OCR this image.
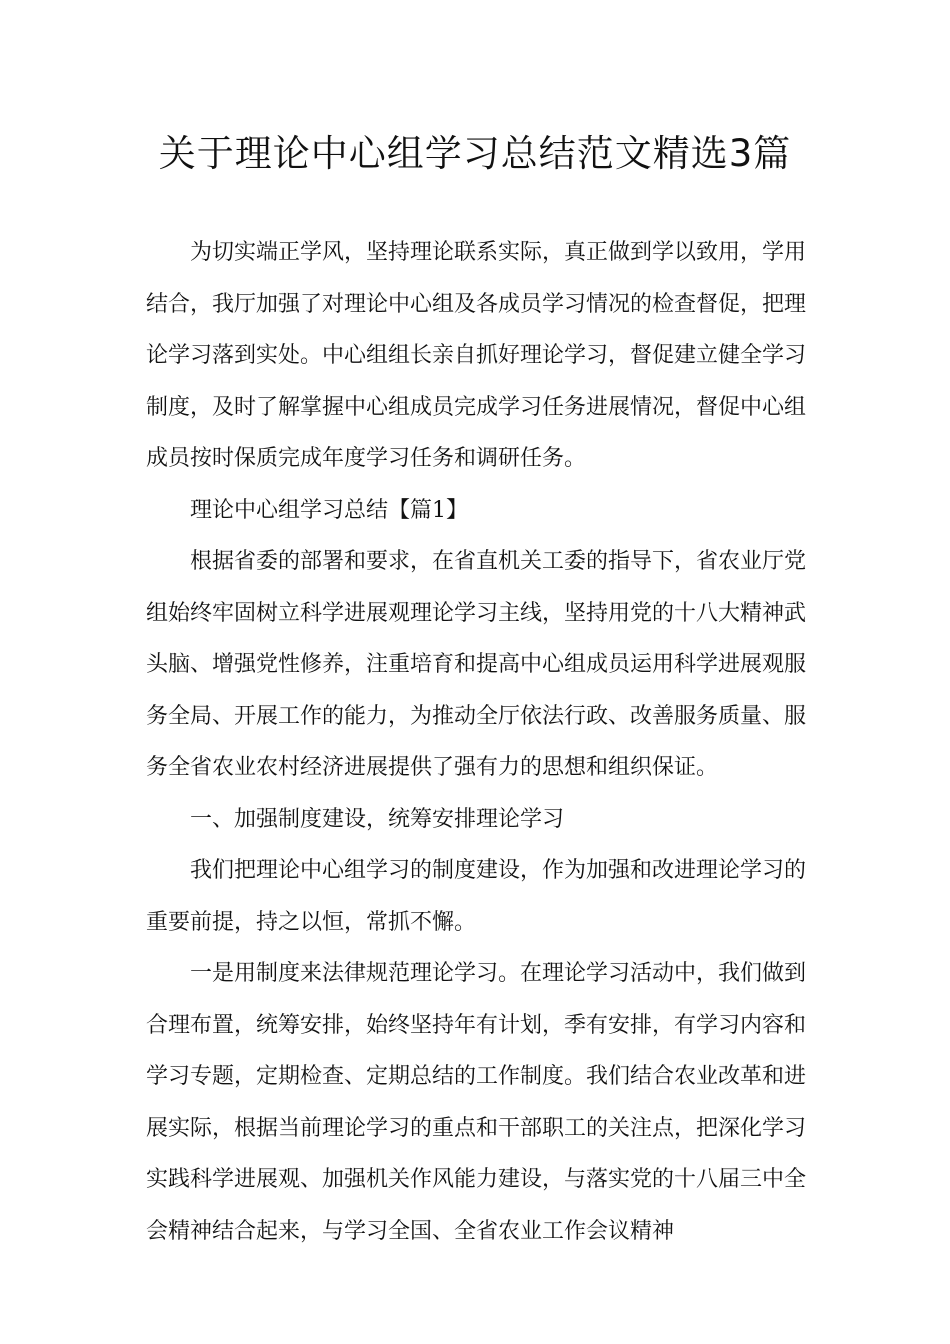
关于理论中心组学习总结范文精选3篇

为切实端正学风，坚持理论联系实际，真正做到学以致用，学用结合，我厅加强了对理论中心组及各成员学习情况的检查督促，把理论学习落到实处。中心组组长亲自抓好理论学习，督促建立健全学习制度，及时了解掌握中心组成员完成学习任务进展情况，督促中心组成员按时保质完成年度学习任务和调研任务。

理论中心组学习总结【篇1】

根据省委的部署和要求，在省直机关工委的指导下，省农业厅党组始终牢固树立科学进展观理论学习主线，坚持用党的十八大精神武头脑、增强党性修养，注重培育和提高中心组成员运用科学进展观服务全局、开展工作的能力，为推动全厅依法行政、改善服务质量、服务全省农业农村经济进展提供了强有力的思想和组织保证。

一、加强制度建设，统筹安排理论学习

我们把理论中心组学习的制度建设，作为加强和改进理论学习的重要前提，持之以恒，常抓不懈。

一是用制度来法律规范理论学习。在理论学习活动中，我们做到合理布置，统筹安排，始终坚持年有计划，季有安排，有学习内容和学习专题，定期检查、定期总结的工作制度。我们结合农业改革和进展实际，根据当前理论学习的重点和干部职工的关注点，把深化学习实践科学进展观、加强机关作风能力建设，与落实党的十八届三中全会精神结合起来，与学习全国、全省农业工作会议精神
